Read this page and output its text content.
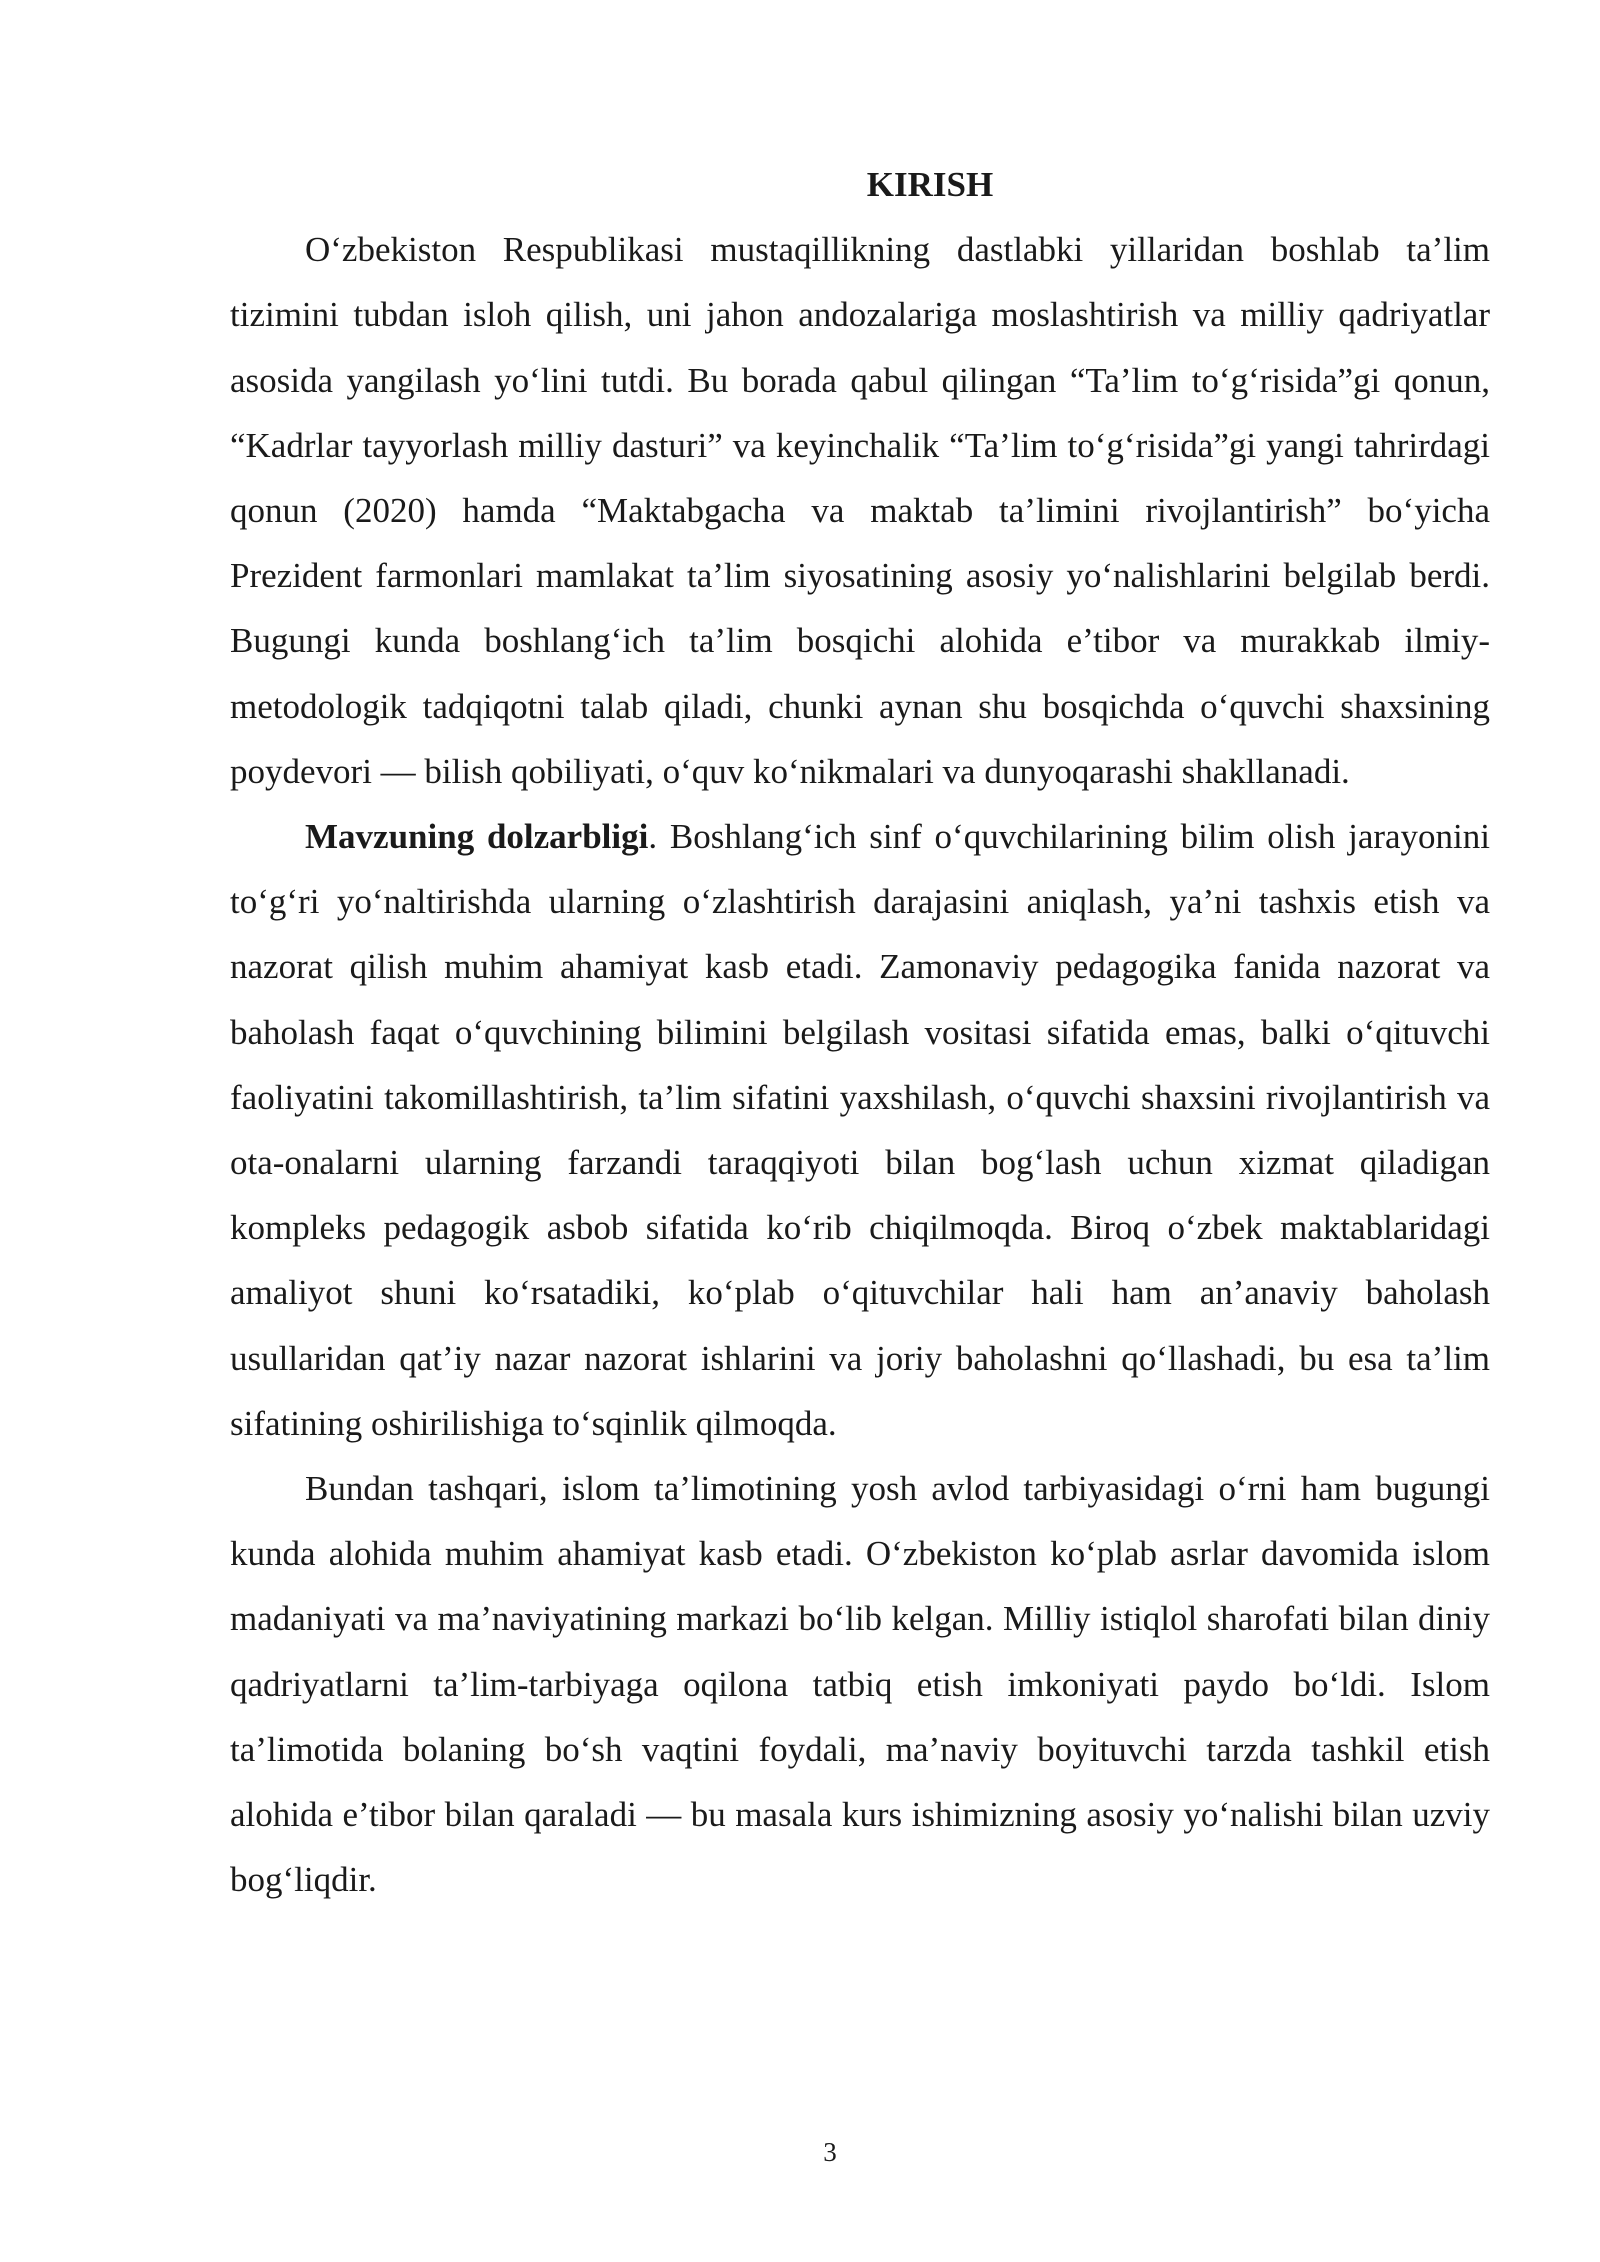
KIRISH

O‘zbekiston Respublikasi mustaqillikning dastlabki yillaridan boshlab ta’lim tizimini tubdan isloh qilish, uni jahon andozalariga moslashtirish va milliy qadriyatlar asosida yangilash yo‘lini tutdi. Bu borada qabul qilingan “Ta’lim to‘g‘risida”gi qonun, “Kadrlar tayyorlash milliy dasturi” va keyinchalik “Ta’lim to‘g‘risida”gi yangi tahrirdagi qonun (2020) hamda “Maktabgacha va maktab ta’limini rivojlantirish” bo‘yicha Prezident farmonlari mamlakat ta’lim siyosatining asosiy yo‘nalishlarini belgilab berdi. Bugungi kunda boshlang‘ich ta’lim bosqichi alohida e’tibor va murakkab ilmiy-metodologik tadqiqotni talab qiladi, chunki aynan shu bosqichda o‘quvchi shaxsining poydevori — bilish qobiliyati, o‘quv ko‘nikmalari va dunyoqarashi shakllanadi.

Mavzuning dolzarbligi. Boshlang‘ich sinf o‘quvchilarining bilim olish jarayonini to‘g‘ri yo‘naltirishda ularning o‘zlashtirish darajasini aniqlash, ya’ni tashxis etish va nazorat qilish muhim ahamiyat kasb etadi. Zamonaviy pedagogika fanida nazorat va baholash faqat o‘quvchining bilimini belgilash vositasi sifatida emas, balki o‘qituvchi faoliyatini takomillashtirish, ta’lim sifatini yaxshilash, o‘quvchi shaxsini rivojlantirish va ota-onalarni ularning farzandi taraqqiyoti bilan bog‘lash uchun xizmat qiladigan kompleks pedagogik asbob sifatida ko‘rib chiqilmoqda. Biroq o‘zbek maktablaridagi amaliyot shuni ko‘rsatadiki, ko‘plab o‘qituvchilar hali ham an’anaviy baholash usullaridan qat’iy nazar nazorat ishlarini va joriy baholashni qo‘llashadi, bu esa ta’lim sifatining oshirilishiga to‘sqinlik qilmoqda.

Bundan tashqari, islom ta’limotining yosh avlod tarbiyasidagi o‘rni ham bugungi kunda alohida muhim ahamiyat kasb etadi. O‘zbekiston ko‘plab asrlar davomida islom madaniyati va ma’naviyatining markazi bo‘lib kelgan. Milliy istiqlol sharofati bilan diniy qadriyatlarni ta’lim-tarbiyaga oqilona tatbiq etish imkoniyati paydo bo‘ldi. Islom ta’limotida bolaning bo‘sh vaqtini foydali, ma’naviy boyituvchi tarzda tashkil etish alohida e’tibor bilan qaraladi — bu masala kurs ishimizning asosiy yo‘nalishi bilan uzviy bog‘liqdir.

3
